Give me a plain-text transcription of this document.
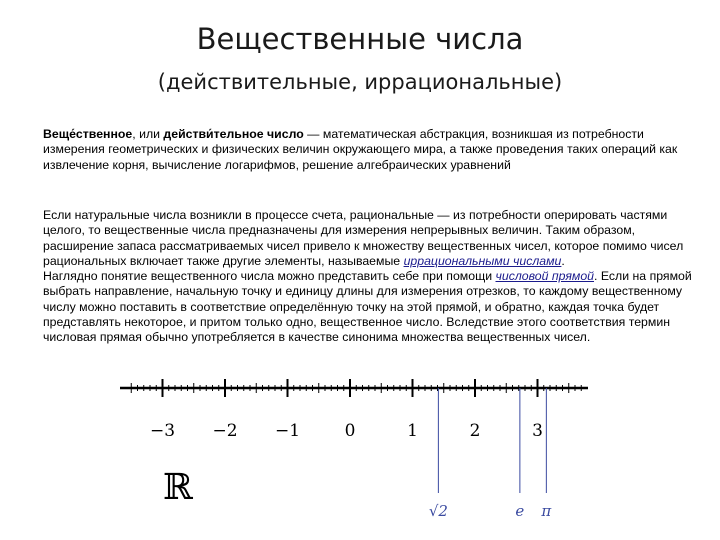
Вещественные числа
(действительные, иррациональные)
Веще́ственное, или действи́тельное число — математическая абстракция, возникшая из потребности измерения геометрических и физических величин окружающего мира, а также проведения таких операций как извлечение корня, вычисление логарифмов, решение алгебраических уравнений
Если натуральные числа возникли в процессе счета, рациональные — из потребности оперировать частями целого, то вещественные числа предназначены для измерения непрерывных величин. Таким образом, расширение запаса рассматриваемых чисел привело к множеству вещественных чисел, которое помимо чисел рациональных включает также другие элементы, называемые иррациональными числами.
Наглядно понятие вещественного числа можно представить себе при помощи числовой прямой. Если на прямой выбрать направление, начальную точку и единицу длины для измерения отрезков, то каждому вещественному числу можно поставить в соответствие определённую точку на этой прямой, и обратно, каждая точка будет представлять некоторое, и притом только одно, вещественное число. Вследствие этого соответствия термин числовая прямая обычно употребляется в качестве синонима множества вещественных чисел.
−3 −2 −1	0	1	2	3
√2	e π
ℝ
